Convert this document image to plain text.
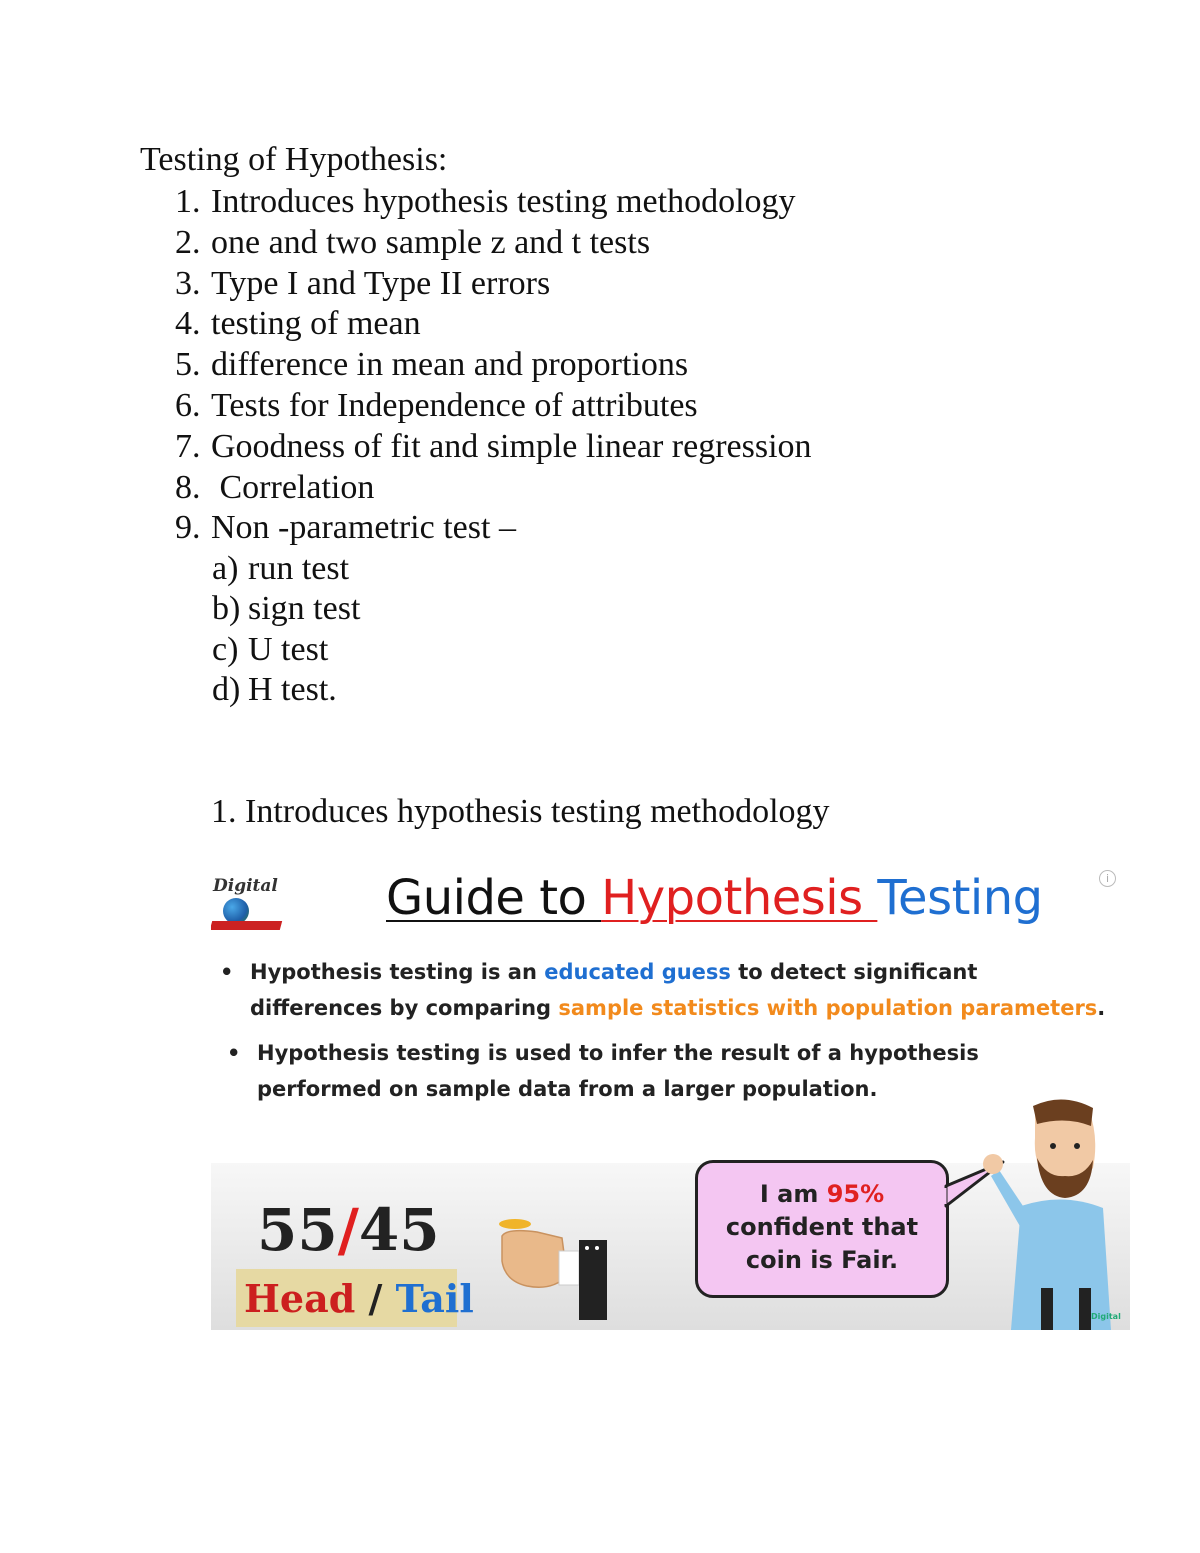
Testing of Hypothesis:
1. Introduces hypothesis testing methodology
2. one and two sample z and t tests
3. Type I and Type II errors
4. testing of mean
5. difference in mean and proportions
6. Tests for Independence of attributes
7. Goodness of fit and simple linear regression
8. Correlation
9. Non -parametric test –
a) run test
b) sign test
c) U test
d) H test.
1. Introduces hypothesis testing methodology
Digital Guide to Hypothesis Testing	i
• Hypothesis testing is an educated guess to detect significant differences by comparing sample statistics with population parameters.
• Hypothesis testing is used to infer the result of a hypothesis performed on sample data from a larger population.
55/45
Head / Tail
I am 95%
confident that coin is Fair.
Digital
